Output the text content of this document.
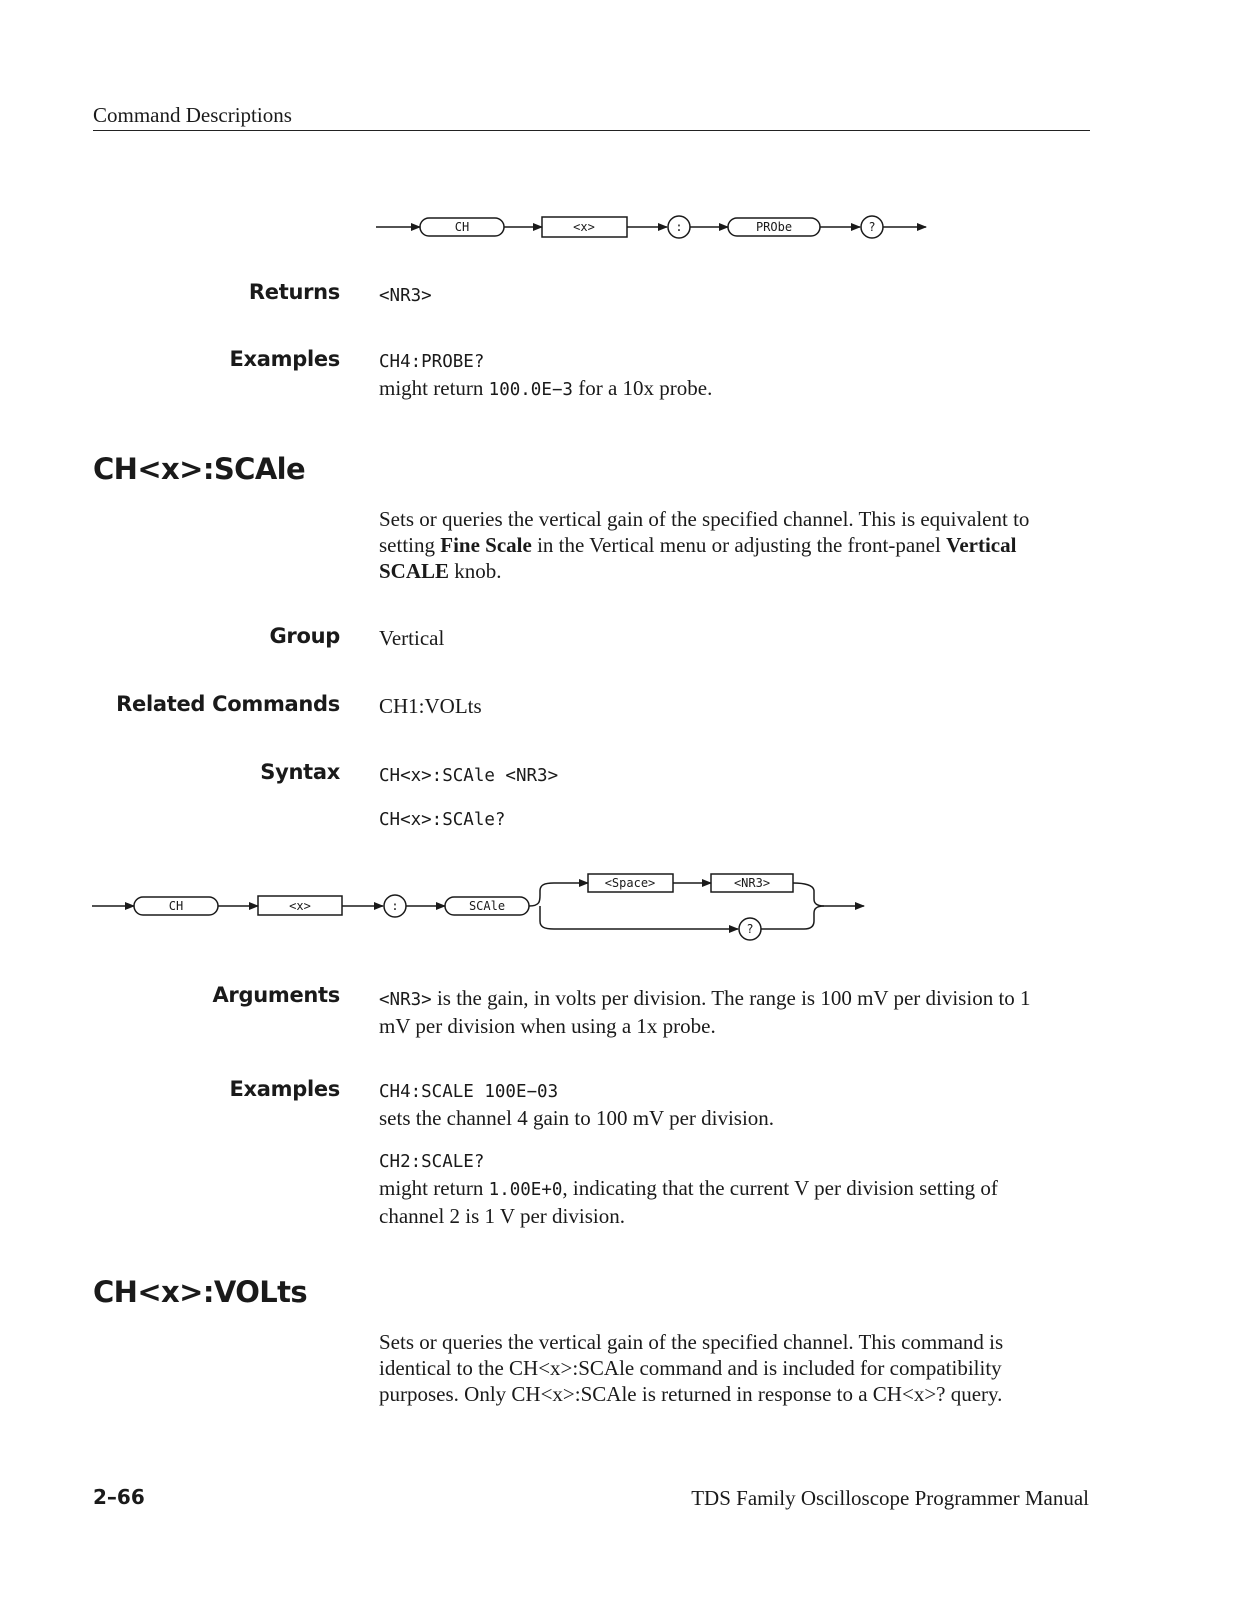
Command Descriptions
CH	<x>	:	PRObe	?
Returns <NR3>
Examples CH4:PROBE?
might return 100.0E−3 for a 10x probe.
CH<x>:SCAle
Sets or queries the vertical gain of the specified channel. This is equivalent to setting Fine Scale in the Vertical menu or adjusting the front-panel Vertical SCALE knob.
Group Vertical
Related Commands CH1:VOLts
Syntax CH<x>:SCAle <NR3>
CH<x>:SCAle?
CH	<x>	:	SCAle
<Space>	<NR3>
?
Arguments <NR3> is the gain, in volts per division. The range is 100 mV per division to 1 mV per division when using a 1x probe.
Examples CH4:SCALE 100E−03
sets the channel 4 gain to 100 mV per division.
CH2:SCALE?
might return 1.00E+0, indicating that the current V per division setting of channel 2 is 1 V per division.
CH<x>:VOLts
Sets or queries the vertical gain of the specified channel. This command is identical to the CH<x>:SCAle command and is included for compatibility purposes. Only CH<x>:SCAle is returned in response to a CH<x>? query.
2–66	TDS Family Oscilloscope Programmer Manual
